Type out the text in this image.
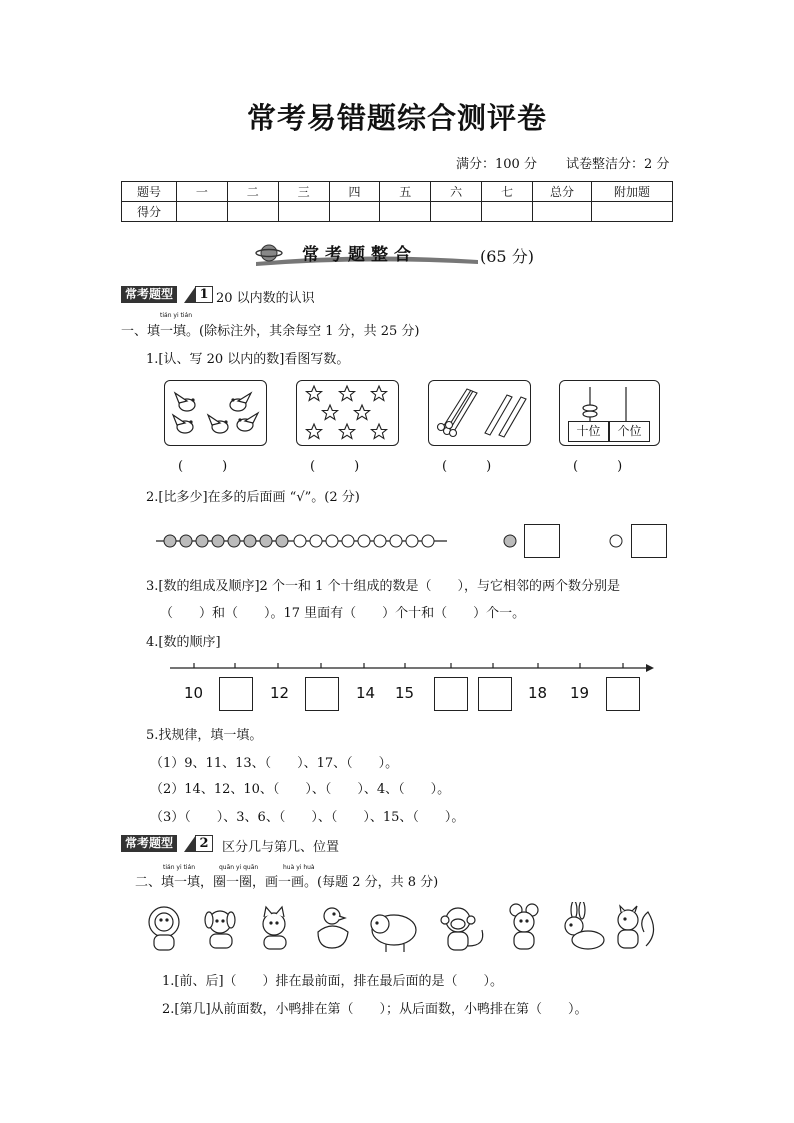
常考易错题综合测评卷
满分：100 分 试卷整洁分：2 分
题号	一	二	三	四	五	六	七	总分	附加题
得分									
常考题整合	(65 分)
常考题型	1 20 以内数的认识
tián yi tián
一、填一填。(除标注外，其余每空 1 分，共 25 分)
1.[认、写 20 以内的数]看图写数。
十位	个位
(　　　)	(　　　)	(　　　)	(　　　)
2.[比多少]在多的后面画 “√”。(2 分)
3.[数的组成及顺序]2 个一和 1 个十组成的数是（　　），与它相邻的两个数分别是
（　　）和（　　）。17 里面有（　　）个十和（　　）个一。
4.[数的顺序]
10	12	14 15	18 19
5.找规律，填一填。
（1）9、11、13、（　　）、17、（　　）。
（2）14、12、10、（　　）、（　　）、4、（　　）。
（3）（　　）、3、6、（　　）、（　　）、15、（　　）。
常考题型	2	区分几与第几、位置
tián yi tián	quān yi quān	huà yi huà
二、填一填，圈一圈，画一画。(每题 2 分，共 8 分)
1.[前、后]（　　）排在最前面，排在最后面的是（　　）。
2.[第几]从前面数，小鸭排在第（　　）；从后面数，小鸭排在第（　　）。
